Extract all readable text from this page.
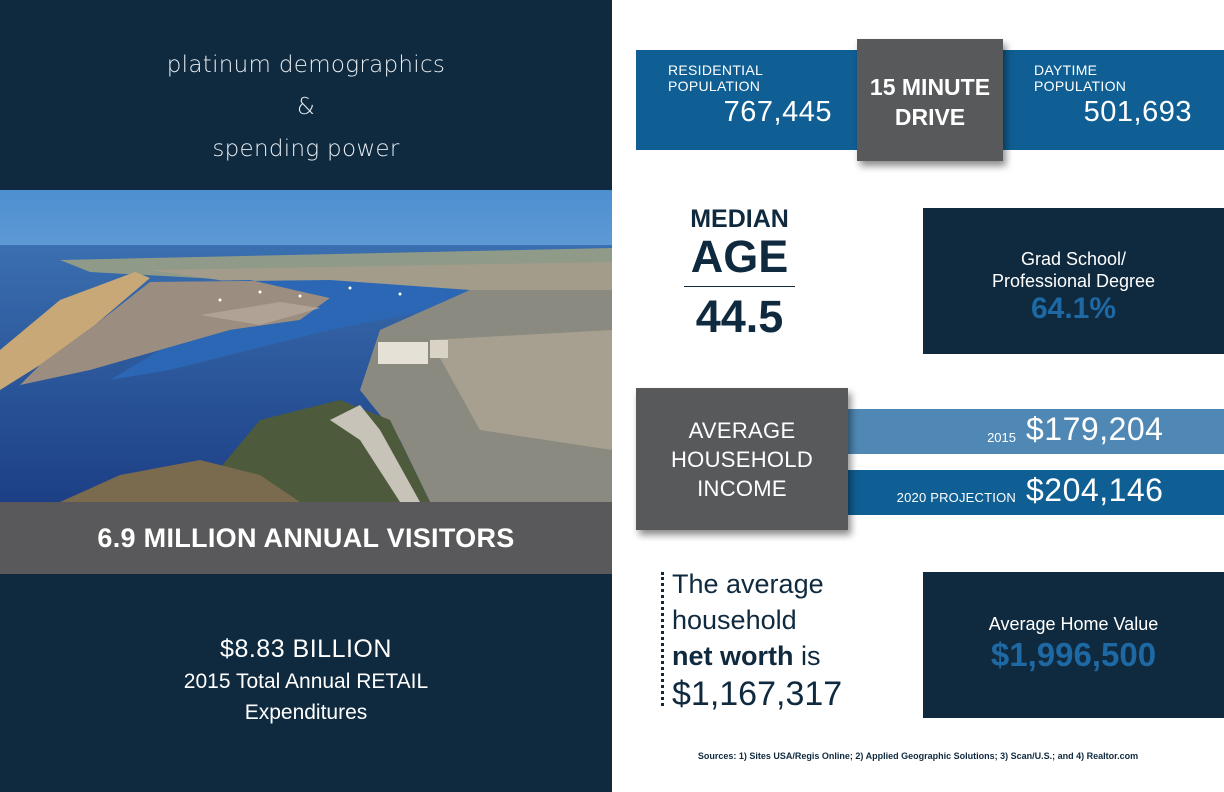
platinum demographics
&
spending power
6.9 MILLION ANNUAL VISITORS
$8.83 BILLION
2015 Total Annual RETAIL
Expenditures
RESIDENTIAL
POPULATION
767,445
DAYTIME
POPULATION
501,693
15 MINUTE
DRIVE
MEDIAN
AGE
44.5
Grad School/
Professional Degree
64.1%
2015 $179,204
2020 PROJECTION $204,146
AVERAGE
HOUSEHOLD
INCOME
The average
household
net worth is
$1,167,317
Average Home Value
$1,996,500
Sources: 1) Sites USA/Regis Online; 2) Applied Geographic Solutions; 3) Scan/U.S.; and 4) Realtor.com
